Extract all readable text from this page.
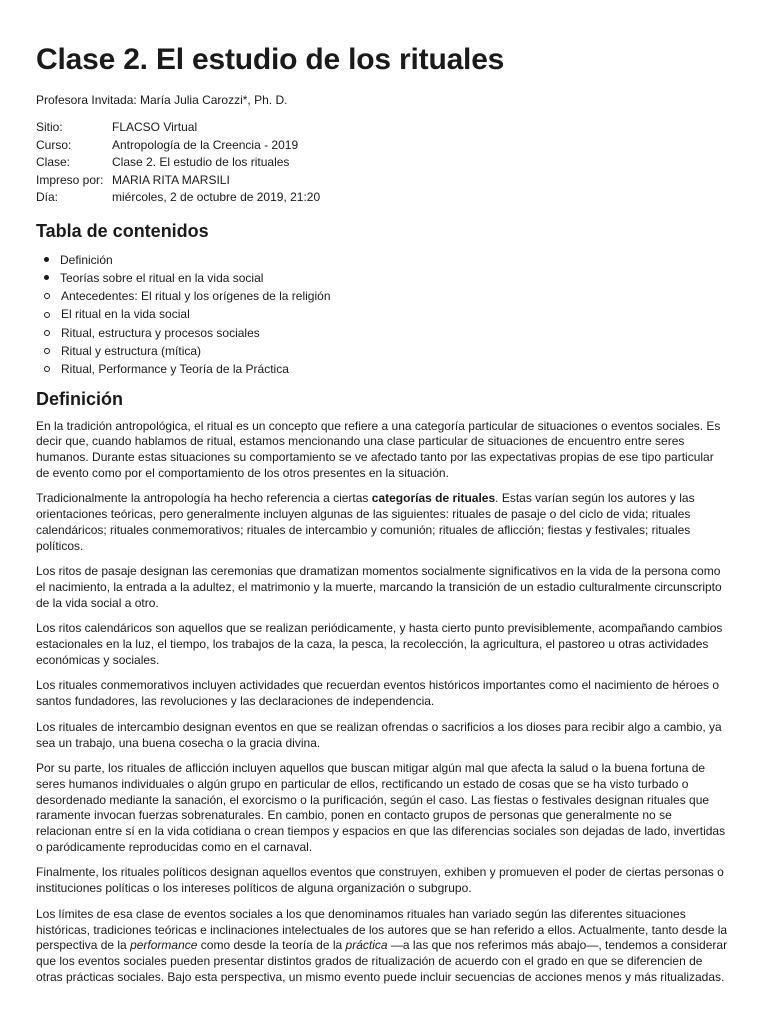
Clase 2. El estudio de los rituales
Profesora Invitada: María Julia Carozzi*, Ph. D.
Sitio:	FLACSO Virtual
Curso:	Antropología de la Creencia - 2019
Clase:	Clase 2. El estudio de los rituales
Impreso por:	MARIA RITA MARSILI
Día:	miércoles, 2 de octubre de 2019, 21:20
Tabla de contenidos
Definición
Teorías sobre el ritual en la vida social
Antecedentes: El ritual y los orígenes de la religión
El ritual en la vida social
Ritual, estructura y procesos sociales
Ritual y estructura (mítica)
Ritual, Performance y Teoría de la Práctica
Definición

En la tradición antropológica, el ritual es un concepto que refiere a una categoría particular de situaciones o eventos sociales. Es decir que, cuando hablamos de ritual, estamos mencionando una clase particular de situaciones de encuentro entre seres humanos. Durante estas situaciones su comportamiento se ve afectado tanto por las expectativas propias de ese tipo particular de evento como por el comportamiento de los otros presentes en la situación.

Tradicionalmente la antropología ha hecho referencia a ciertas categorías de rituales. Estas varían según los autores y las orientaciones teóricas, pero generalmente incluyen algunas de las siguientes: rituales de pasaje o del ciclo de vida; rituales calendáricos; rituales conmemorativos; rituales de intercambio y comunión; rituales de aflicción; fiestas y festivales; rituales políticos.

Los ritos de pasaje designan las ceremonias que dramatizan momentos socialmente significativos en la vida de la persona como el nacimiento, la entrada a la adultez, el matrimonio y la muerte, marcando la transición de un estadio culturalmente circunscripto de la vida social a otro.

Los ritos calendáricos son aquellos que se realizan periódicamente, y hasta cierto punto previsiblemente, acompañando cambios estacionales en la luz, el tiempo, los trabajos de la caza, la pesca, la recolección, la agricultura, el pastoreo u otras actividades económicas y sociales.

Los rituales conmemorativos incluyen actividades que recuerdan eventos históricos importantes como el nacimiento de héroes o santos fundadores, las revoluciones y las declaraciones de independencia.

Los rituales de intercambio designan eventos en que se realizan ofrendas o sacrificios a los dioses para recibir algo a cambio, ya sea un trabajo, una buena cosecha o la gracia divina.

Por su parte, los rituales de aflicción incluyen aquellos que buscan mitigar algún mal que afecta la salud o la buena fortuna de seres humanos individuales o algún grupo en particular de ellos, rectificando un estado de cosas que se ha visto turbado o desordenado mediante la sanación, el exorcismo o la purificación, según el caso. Las fiestas o festivales designan rituales que raramente invocan fuerzas sobrenaturales. En cambio, ponen en contacto grupos de personas que generalmente no se relacionan entre sí en la vida cotidiana o crean tiempos y espacios en que las diferencias sociales son dejadas de lado, invertidas o paródicamente reproducidas como en el carnaval.

Finalmente, los rituales políticos designan aquellos eventos que construyen, exhiben y promueven el poder de ciertas personas o instituciones políticas o los intereses políticos de alguna organización o subgrupo.

Los límites de esa clase de eventos sociales a los que denominamos rituales han variado según las diferentes situaciones históricas, tradiciones teóricas e inclinaciones intelectuales de los autores que se han referido a ellos. Actualmente, tanto desde la perspectiva de la performance como desde la teoría de la práctica —a las que nos referimos más abajo—, tendemos a considerar que los eventos sociales pueden presentar distintos grados de ritualización de acuerdo con el grado en que se diferencien de otras prácticas sociales. Bajo esta perspectiva, un mismo evento puede incluir secuencias de acciones menos y más ritualizadas.
